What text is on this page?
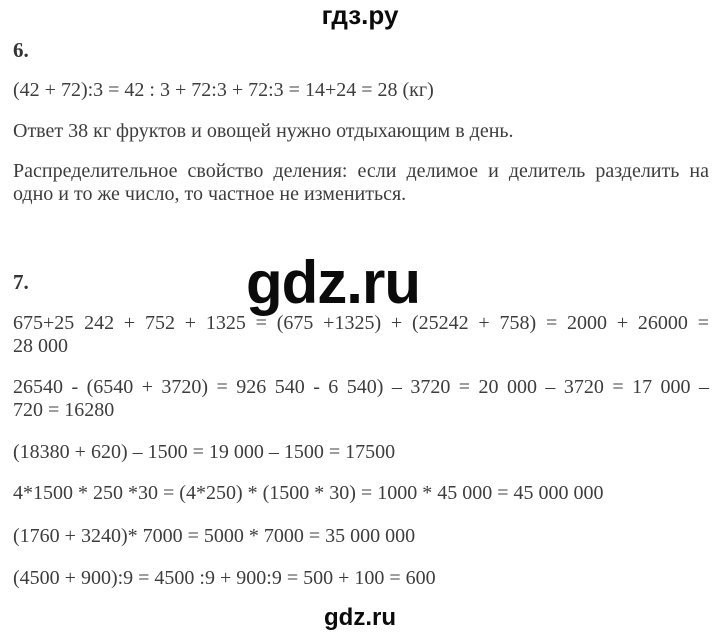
гдз.ру
6.
(42 + 72):3 = 42 : 3 + 72:3 + 72:3 = 14+24 = 28 (кг)
Ответ 38 кг фруктов и овощей нужно отдыхающим в день.
Распределительное свойство деления: если делимое и делитель разделить на
одно и то же число, то частное не измениться.
gdz.ru
7.
675+25 242 + 752 + 1325 = (675 +1325) + (25242 + 758) = 2000 + 26000 =
28 000
26540 - (6540 + 3720) = 926 540 - 6 540) – 3720 = 20 000 – 3720 = 17 000 –
720 = 16280
(18380 + 620) – 1500 = 19 000 – 1500 = 17500
4*1500 * 250 *30 = (4*250) * (1500 * 30) = 1000 * 45 000 = 45 000 000
(1760 + 3240)* 7000 = 5000 * 7000 = 35 000 000
(4500 + 900):9 = 4500 :9 + 900:9 = 500 + 100 = 600
gdz.ru
